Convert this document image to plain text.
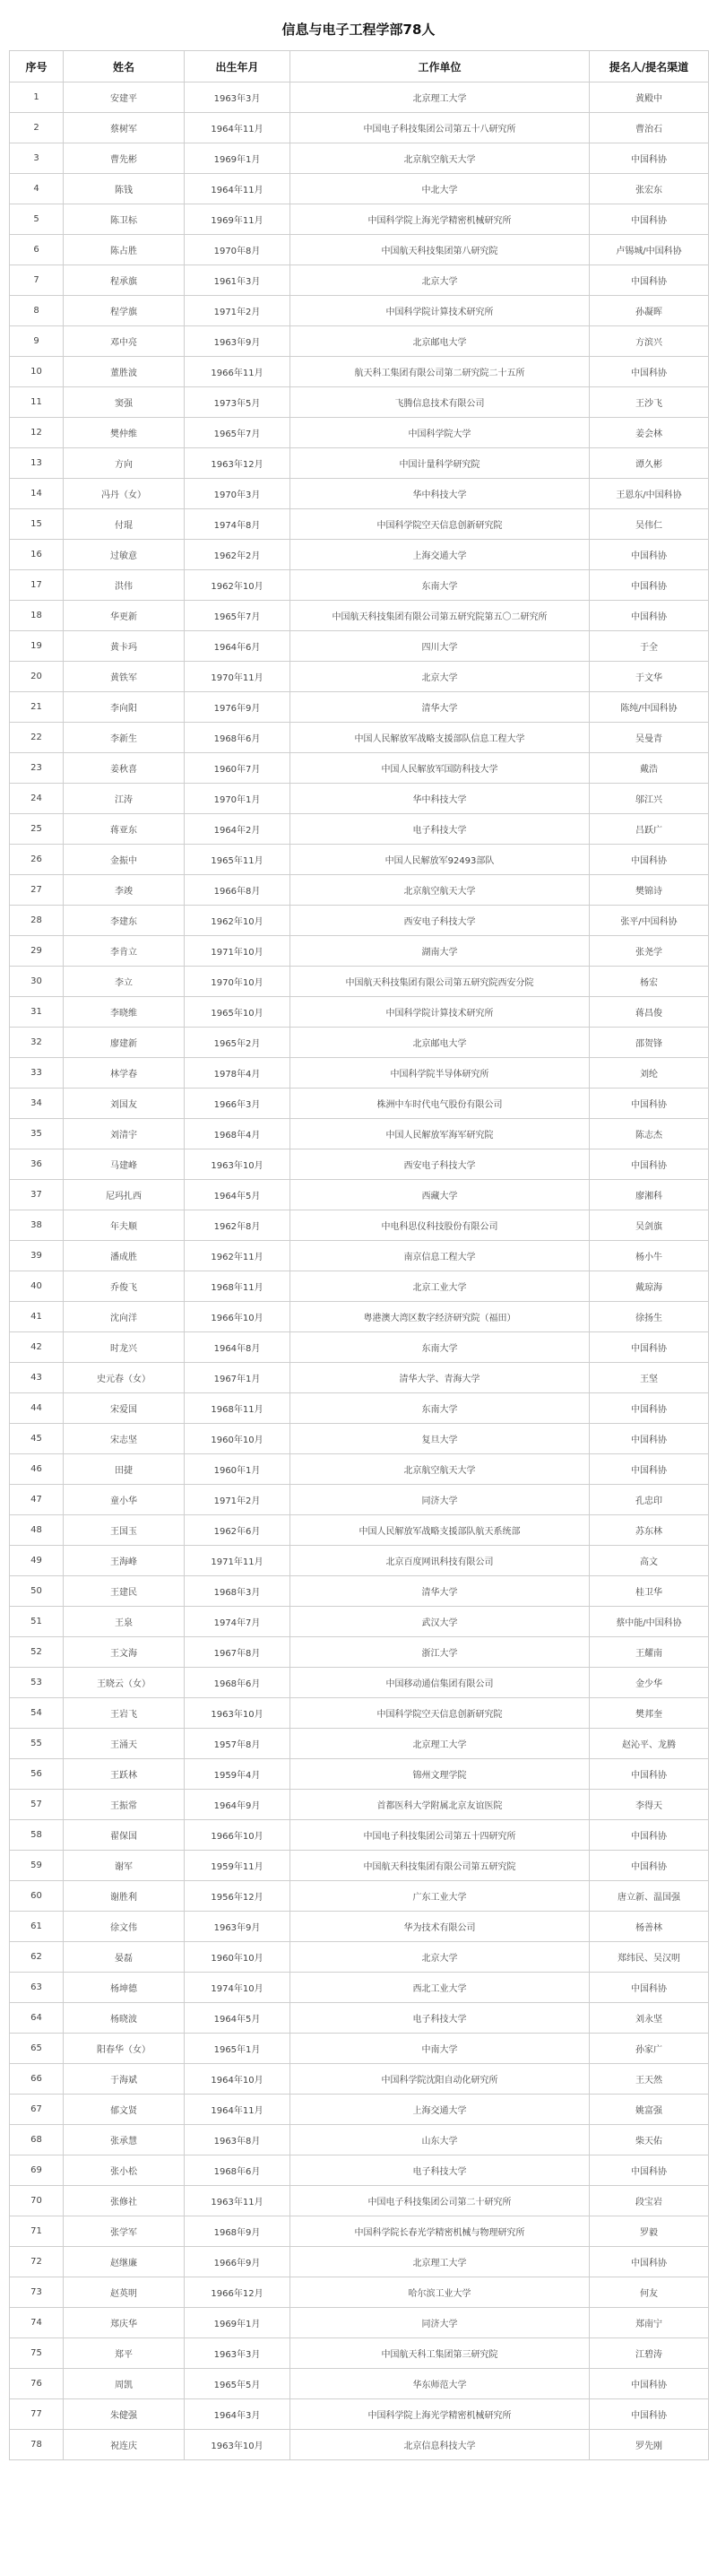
信息与电子工程学部78人
序号	姓名	出生年月	工作单位	提名人/提名渠道
1	安建平	1963年3月	北京理工大学	黄殿中
2	蔡树军	1964年11月	中国电子科技集团公司第五十八研究所	曹治石
3	曹先彬	1969年1月	北京航空航天大学	中国科协
4	陈钱	1964年11月	中北大学	张宏东
5	陈卫标	1969年11月	中国科学院上海光学精密机械研究所	中国科协
6	陈占胜	1970年8月	中国航天科技集团第八研究院	卢锡城/中国科协
7	程承旗	1961年3月	北京大学	中国科协
8	程学旗	1971年2月	中国科学院计算技术研究所	孙凝晖
9	邓中亮	1963年9月	北京邮电大学	方滨兴
10	董胜波	1966年11月	航天科工集团有限公司第二研究院二十五所	中国科协
11	窦强	1973年5月	飞腾信息技术有限公司	王沙飞
12	樊仲维	1965年7月	中国科学院大学	姜会林
13	方向	1963年12月	中国计量科学研究院	谭久彬
14	冯丹（女）	1970年3月	华中科技大学	王恩东/中国科协
15	付琨	1974年8月	中国科学院空天信息创新研究院	吴伟仁
16	过敏意	1962年2月	上海交通大学	中国科协
17	洪伟	1962年10月	东南大学	中国科协
18	华更新	1965年7月	中国航天科技集团有限公司第五研究院第五〇二研究所	中国科协
19	黄卡玛	1964年6月	四川大学	于全
20	黄铁军	1970年11月	北京大学	于文华
21	李向阳	1976年9月	清华大学	陈纯/中国科协
22	李新生	1968年6月	中国人民解放军战略支援部队信息工程大学	吴曼青
23	姜秋喜	1960年7月	中国人民解放军国防科技大学	戴浩
24	江涛	1970年1月	华中科技大学	邬江兴
25	蒋亚东	1964年2月	电子科技大学	吕跃广
26	金振中	1965年11月	中国人民解放军92493部队	中国科协
27	李竣	1966年8月	北京航空航天大学	樊锦诗
28	李建东	1962年10月	西安电子科技大学	张平/中国科协
29	李肯立	1971年10月	湖南大学	张尧学
30	李立	1970年10月	中国航天科技集团有限公司第五研究院西安分院	杨宏
31	李晓维	1965年10月	中国科学院计算技术研究所	蒋昌俊
32	廖建新	1965年2月	北京邮电大学	邵贺锋
33	林学春	1978年4月	中国科学院半导体研究所	刘纶
34	刘国友	1966年3月	株洲中车时代电气股份有限公司	中国科协
35	刘清宇	1968年4月	中国人民解放军海军研究院	陈志杰
36	马建峰	1963年10月	西安电子科技大学	中国科协
37	尼玛扎西	1964年5月	西藏大学	廖湘科
38	年夫顺	1962年8月	中电科思仪科技股份有限公司	吴剑旗
39	潘成胜	1962年11月	南京信息工程大学	杨小牛
40	乔俊飞	1968年11月	北京工业大学	戴琼海
41	沈向洋	1966年10月	粤港澳大湾区数字经济研究院（福田）	徐扬生
42	时龙兴	1964年8月	东南大学	中国科协
43	史元春（女）	1967年1月	清华大学、青海大学	王坚
44	宋爱国	1968年11月	东南大学	中国科协
45	宋志坚	1960年10月	复旦大学	中国科协
46	田捷	1960年1月	北京航空航天大学	中国科协
47	童小华	1971年2月	同济大学	孔忠印
48	王国玉	1962年6月	中国人民解放军战略支援部队航天系统部	苏东林
49	王海峰	1971年11月	北京百度网讯科技有限公司	高文
50	王建民	1968年3月	清华大学	桂卫华
51	王泉	1974年7月	武汉大学	蔡中能/中国科协
52	王文海	1967年8月	浙江大学	王耀南
53	王晓云（女）	1968年6月	中国移动通信集团有限公司	金少华
54	王岩飞	1963年10月	中国科学院空天信息创新研究院	樊邦奎
55	王涌天	1957年8月	北京理工大学	赵沁平、龙腾
56	王跃林	1959年4月	锦州文理学院	中国科协
57	王振常	1964年9月	首都医科大学附属北京友谊医院	李得天
58	翟保国	1966年10月	中国电子科技集团公司第五十四研究所	中国科协
59	谢军	1959年11月	中国航天科技集团有限公司第五研究院	中国科协
60	谢胜利	1956年12月	广东工业大学	唐立新、温国强
61	徐文伟	1963年9月	华为技术有限公司	杨善林
62	晏磊	1960年10月	北京大学	郑纬民、吴汉明
63	杨坤德	1974年10月	西北工业大学	中国科协
64	杨晓波	1964年5月	电子科技大学	刘永坚
65	阳春华（女）	1965年1月	中南大学	孙家广
66	于海斌	1964年10月	中国科学院沈阳自动化研究所	王天然
67	郁文贤	1964年11月	上海交通大学	姚富强
68	张承慧	1963年8月	山东大学	柴天佑
69	张小松	1968年6月	电子科技大学	中国科协
70	张修社	1963年11月	中国电子科技集团公司第二十研究所	段宝岩
71	张学军	1968年9月	中国科学院长春光学精密机械与物理研究所	罗毅
72	赵继廉	1966年9月	北京理工大学	中国科协
73	赵英明	1966年12月	哈尔滨工业大学	何友
74	郑庆华	1969年1月	同济大学	郑南宁
75	郑平	1963年3月	中国航天科工集团第三研究院	江碧涛
76	周凯	1965年5月	华东师范大学	中国科协
77	朱健强	1964年3月	中国科学院上海光学精密机械研究所	中国科协
78	祝连庆	1963年10月	北京信息科技大学	罗先刚
